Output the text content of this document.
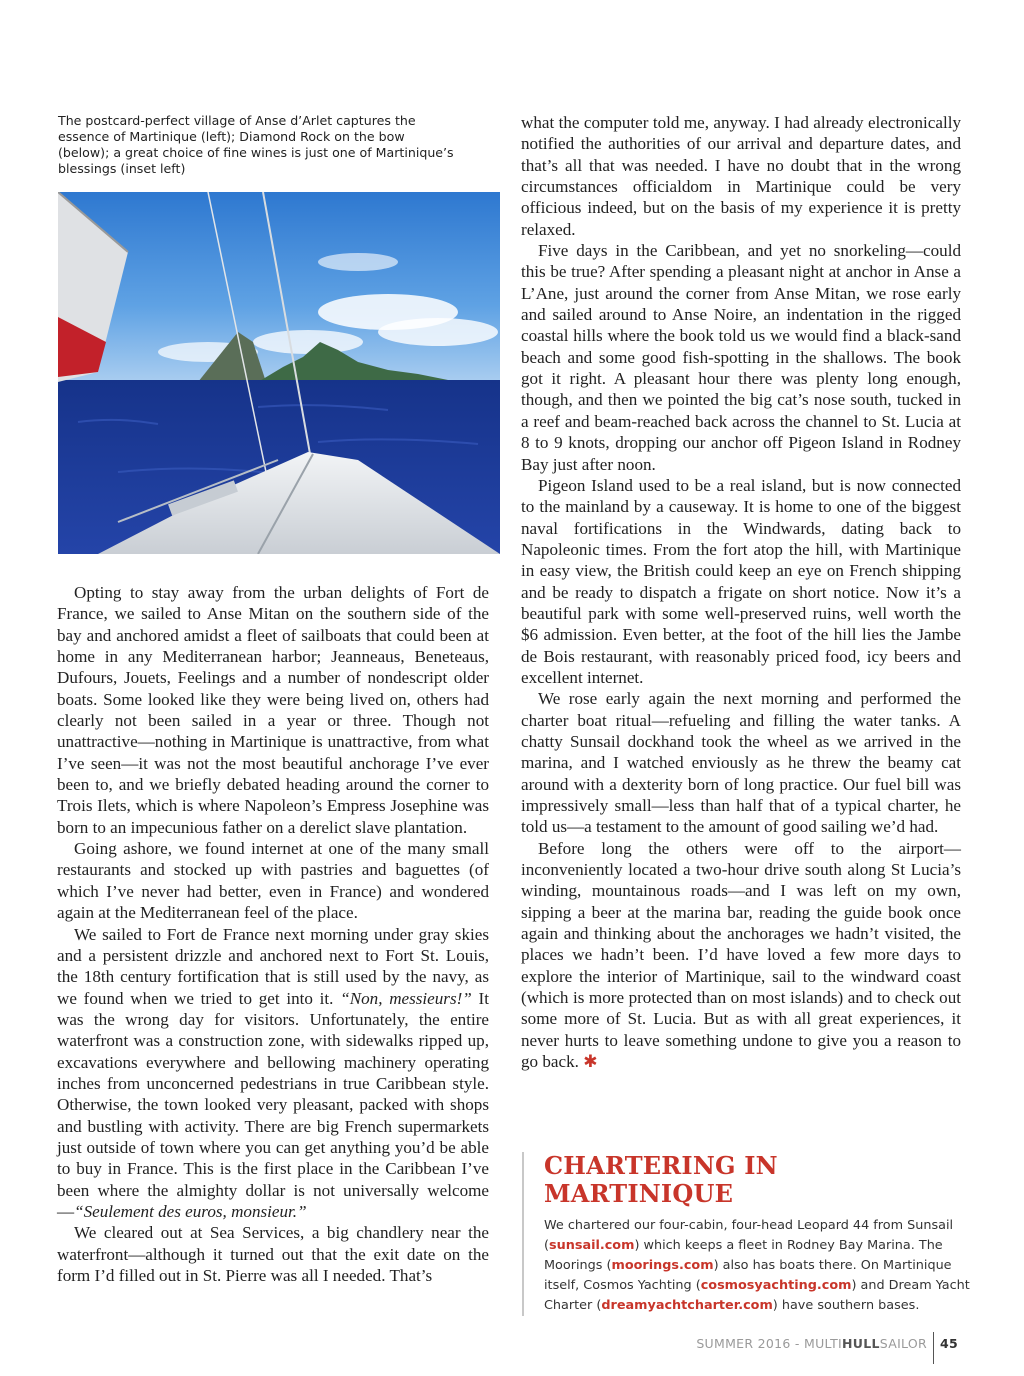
The postcard-perfect village of Anse d’Arlet captures the essence of Martinique (left); Diamond Rock on the bow (below); a great choice of fine wines is just one of Martinique’s blessings (inset left)

Opting to stay away from the urban delights of Fort de France, we sailed to Anse Mitan on the southern side of the bay and anchored amidst a fleet of sailboats that could been at home in any Mediterranean harbor; Jeanneaus, Beneteaus, Dufours, Jouets, Feelings and a number of nondescript older boats. Some looked like they were being lived on, others had clearly not been sailed in a year or three. Though not unattractive—nothing in Martinique is unattractive, from what I’ve seen—it was not the most beautiful anchorage I’ve ever been to, and we briefly debated heading around the corner to Trois Ilets, which is where Napoleon’s Empress Josephine was born to an impecunious father on a derelict slave plantation.

Going ashore, we found internet at one of the many small restaurants and stocked up with pastries and baguettes (of which I’ve never had better, even in France) and wondered again at the Mediterranean feel of the place.

We sailed to Fort de France next morning under gray skies and a persistent drizzle and anchored next to Fort St. Louis, the 18th century fortification that is still used by the navy, as we found when we tried to get into it. “Non, messieurs!” It was the wrong day for visitors. Unfortunately, the entire waterfront was a construction zone, with sidewalks ripped up, excavations everywhere and bellowing machinery operating inches from unconcerned pedestrians in true Caribbean style. Otherwise, the town looked very pleasant, packed with shops and bustling with activity. There are big French supermarkets just outside of town where you can get anything you’d be able to buy in France. This is the first place in the Caribbean I’ve been where the almighty dollar is not universally welcome—“Seulement des euros, monsieur.”

We cleared out at Sea Services, a big chandlery near the waterfront—although it turned out that the exit date on the form I’d filled out in St. Pierre was all I needed. That’s

what the computer told me, anyway. I had already electronically notified the authorities of our arrival and departure dates, and that’s all that was needed. I have no doubt that in the wrong circumstances officialdom in Martinique could be very officious indeed, but on the basis of my experience it is pretty relaxed.

Five days in the Caribbean, and yet no snorkeling—could this be true? After spending a pleasant night at anchor in Anse a L’Ane, just around the corner from Anse Mitan, we rose early and sailed around to Anse Noire, an indentation in the rigged coastal hills where the book told us we would find a black-sand beach and some good fish-spotting in the shallows. The book got it right. A pleasant hour there was plenty long enough, though, and then we pointed the big cat’s nose south, tucked in a reef and beam-reached back across the channel to St. Lucia at 8 to 9 knots, dropping our anchor off Pigeon Island in Rodney Bay just after noon.

Pigeon Island used to be a real island, but is now connected to the mainland by a causeway. It is home to one of the biggest naval fortifications in the Windwards, dating back to Napoleonic times. From the fort atop the hill, with Martinique in easy view, the British could keep an eye on French shipping and be ready to dispatch a frigate on short notice. Now it’s a beautiful park with some well-preserved ruins, well worth the $6 admission. Even better, at the foot of the hill lies the Jambe de Bois restaurant, with reasonably priced food, icy beers and excellent internet.

We rose early again the next morning and performed the charter boat ritual—refueling and filling the water tanks. A chatty Sunsail dockhand took the wheel as we arrived in the marina, and I watched enviously as he threw the beamy cat around with a dexterity born of long practice. Our fuel bill was impressively small—less than half that of a typical charter, he told us—a testament to the amount of good sailing we’d had.

Before long the others were off to the airport—inconveniently located a two-hour drive south along St Lucia’s winding, mountainous roads—and I was left on my own, sipping a beer at the marina bar, reading the guide book once again and thinking about the anchorages we hadn’t visited, the places we hadn’t been. I’d have loved a few more days to explore the interior of Martinique, sail to the windward coast (which is more protected than on most islands) and to check out some more of St. Lucia. But as with all great experiences, it never hurts to leave something undone to give you a reason to go back. ✱

CHARTERING IN MARTINIQUE

We chartered our four-cabin, four-head Leopard 44 from Sunsail (sunsail.com) which keeps a fleet in Rodney Bay Marina. The Moorings (moorings.com) also has boats there. On Martinique itself, Cosmos Yachting (cosmosyachting.com) and Dream Yacht Charter (dreamyachtcharter.com) have southern bases.

SUMMER 2016 - MULTIHULLSAILOR 45
